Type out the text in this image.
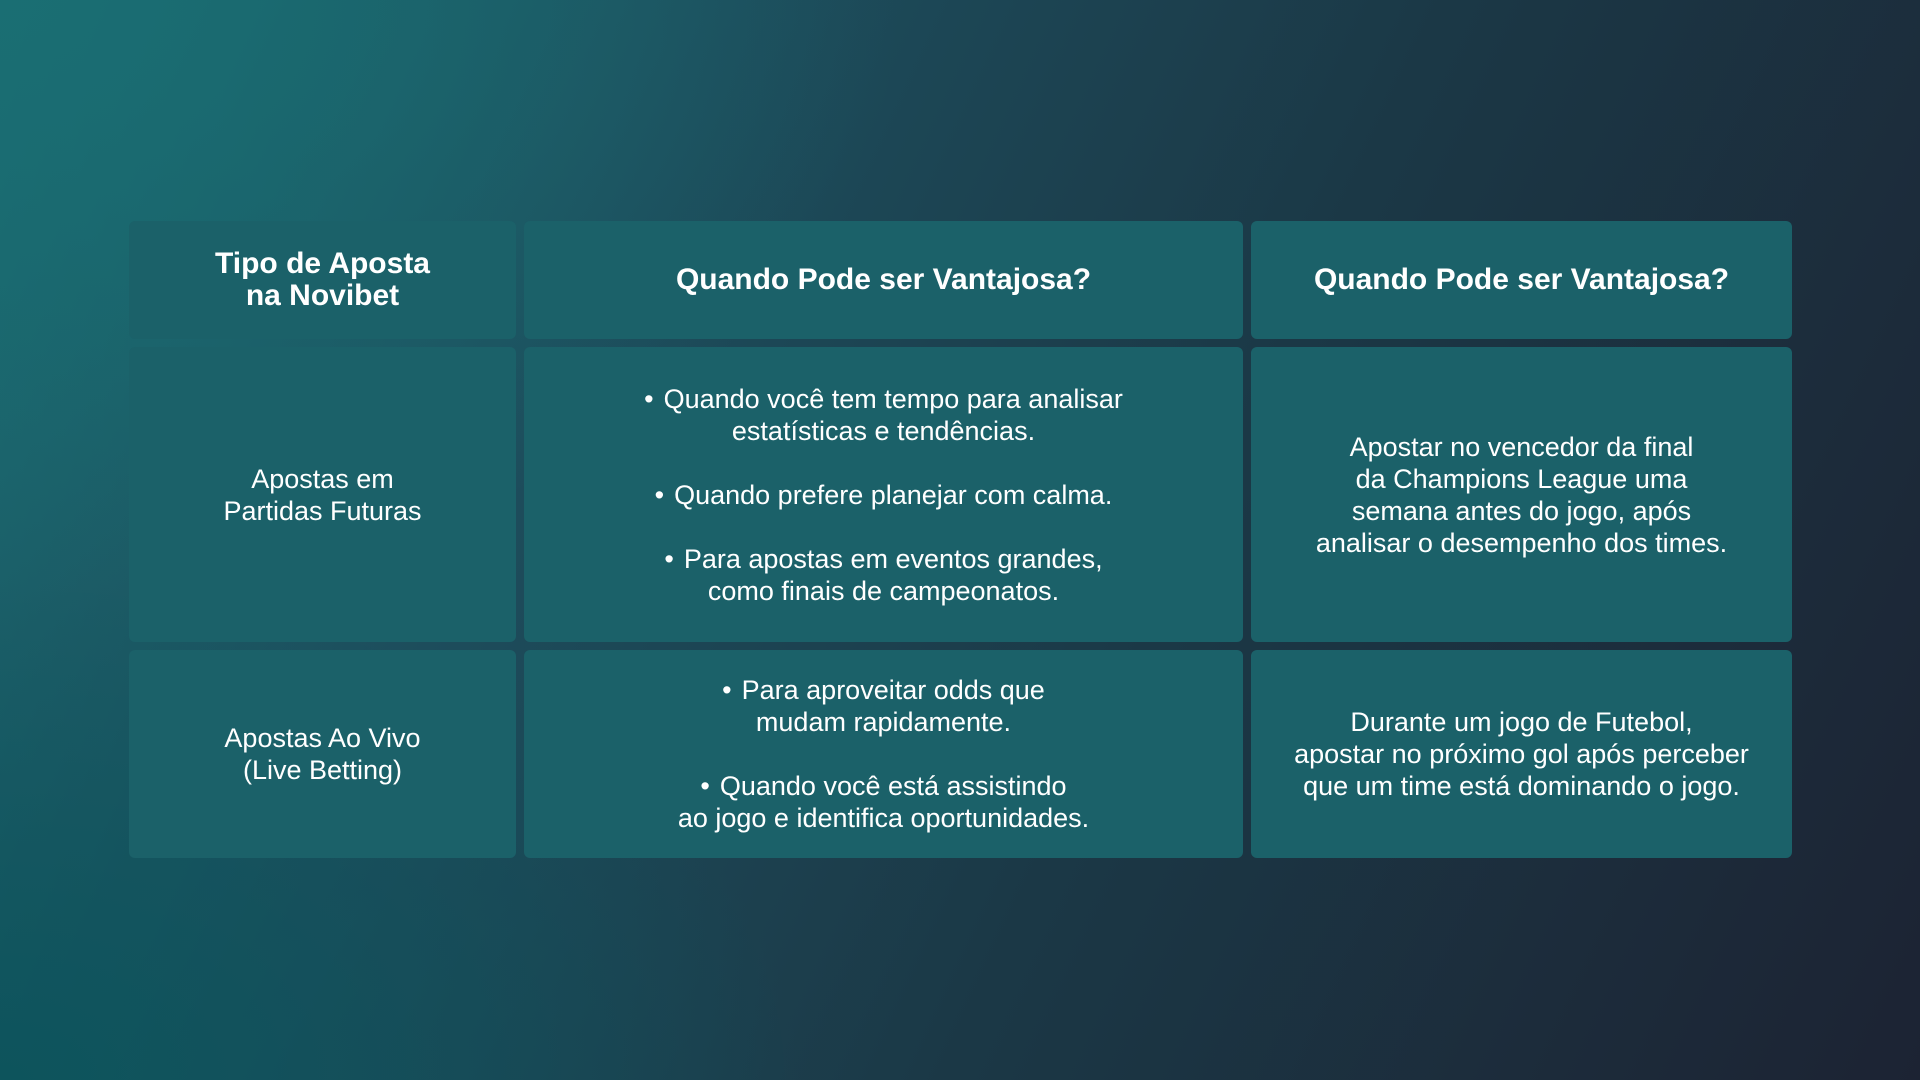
Tipo de Aposta
na Novibet	Quando Pode ser Vantajosa?	Quando Pode ser Vantajosa?
Apostas em
Partidas Futuras
• Quando você tem tempo para analisar
estatísticas e tendências.
• Quando prefere planejar com calma.
• Para apostas em eventos grandes,
como finais de campeonatos.
Apostar no vencedor da final
da Champions League uma
semana antes do jogo, após
analisar o desempenho dos times.
Apostas Ao Vivo
(Live Betting)
• Para aproveitar odds que
mudam rapidamente.
• Quando você está assistindo
ao jogo e identifica oportunidades.
Durante um jogo de Futebol,
apostar no próximo gol após perceber
que um time está dominando o jogo.
